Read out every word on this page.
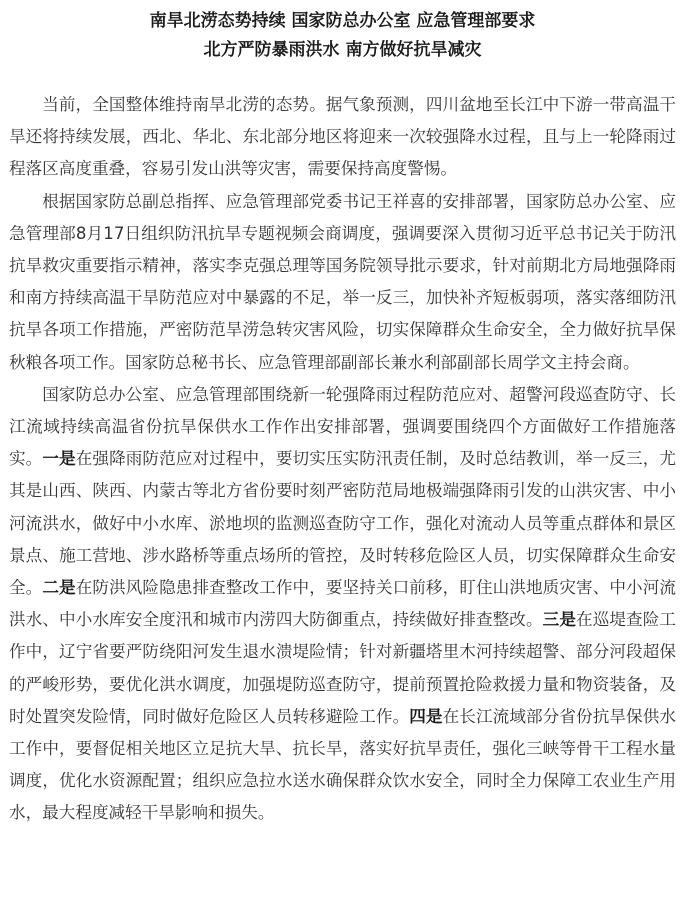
南旱北涝态势持续 国家防总办公室 应急管理部要求
北方严防暴雨洪水 南方做好抗旱减灾

当前，全国整体维持南旱北涝的态势。据气象预测，四川盆地至长江中下游一带高温干旱还将持续发展，西北、华北、东北部分地区将迎来一次较强降水过程，且与上一轮降雨过程落区高度重叠，容易引发山洪等灾害，需要保持高度警惕。

根据国家防总副总指挥、应急管理部党委书记王祥喜的安排部署，国家防总办公室、应急管理部8月17日组织防汛抗旱专题视频会商调度，强调要深入贯彻习近平总书记关于防汛抗旱救灾重要指示精神，落实李克强总理等国务院领导批示要求，针对前期北方局地强降雨和南方持续高温干旱防范应对中暴露的不足，举一反三，加快补齐短板弱项，落实落细防汛抗旱各项工作措施，严密防范旱涝急转灾害风险，切实保障群众生命安全，全力做好抗旱保秋粮各项工作。国家防总秘书长、应急管理部副部长兼水利部副部长周学文主持会商。

国家防总办公室、应急管理部围绕新一轮强降雨过程防范应对、超警河段巡查防守、长江流域持续高温省份抗旱保供水工作作出安排部署，强调要围绕四个方面做好工作措施落实。一是在强降雨防范应对过程中，要切实压实防汛责任制，及时总结教训，举一反三，尤其是山西、陕西、内蒙古等北方省份要时刻严密防范局地极端强降雨引发的山洪灾害、中小河流洪水，做好中小水库、淤地坝的监测巡查防守工作，强化对流动人员等重点群体和景区景点、施工营地、涉水路桥等重点场所的管控，及时转移危险区人员，切实保障群众生命安全。二是在防洪风险隐患排查整改工作中，要坚持关口前移，盯住山洪地质灾害、中小河流洪水、中小水库安全度汛和城市内涝四大防御重点，持续做好排查整改。三是在巡堤查险工作中，辽宁省要严防绕阳河发生退水溃堤险情；针对新疆塔里木河持续超警、部分河段超保的严峻形势，要优化洪水调度，加强堤防巡查防守，提前预置抢险救援力量和物资装备，及时处置突发险情，同时做好危险区人员转移避险工作。四是在长江流域部分省份抗旱保供水工作中，要督促相关地区立足抗大旱、抗长旱，落实好抗旱责任，强化三峡等骨干工程水量调度，优化水资源配置；组织应急拉水送水确保群众饮水安全，同时全力保障工农业生产用水，最大程度减轻干旱影响和损失。
